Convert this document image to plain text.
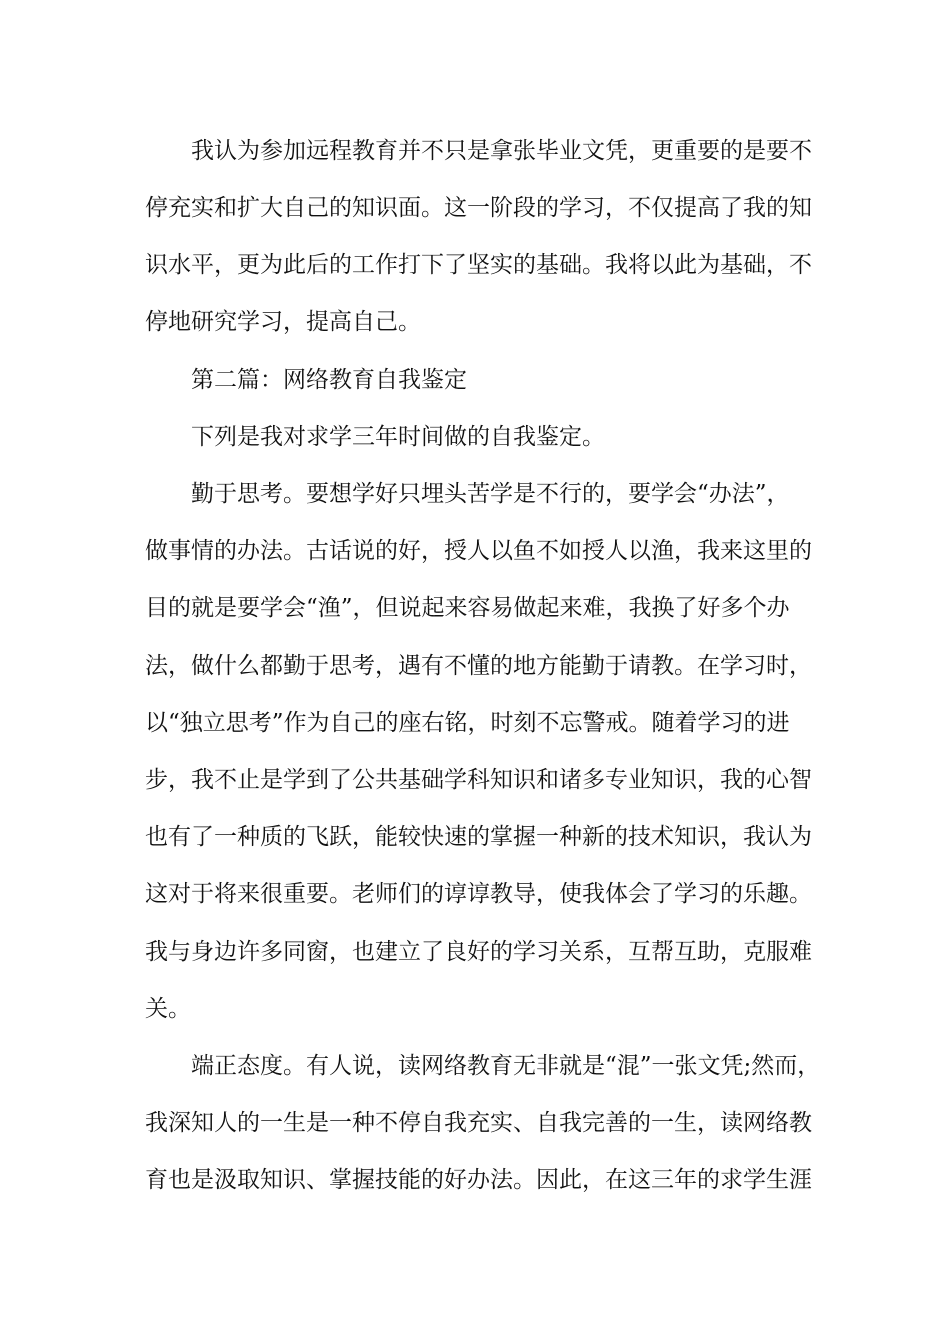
我认为参加远程教育并不只是拿张毕业文凭，更重要的是要不
停充实和扩大自己的知识面。这一阶段的学习，不仅提高了我的知
识水平，更为此后的工作打下了坚实的基础。我将以此为基础，不
停地研究学习，提高自己。
第二篇：网络教育自我鉴定
下列是我对求学三年时间做的自我鉴定。
勤于思考。要想学好只埋头苦学是不行的，要学会“办法”，
做事情的办法。古话说的好，授人以鱼不如授人以渔，我来这里的
目的就是要学会“渔”，但说起来容易做起来难，我换了好多个办
法，做什么都勤于思考，遇有不懂的地方能勤于请教。在学习时，
以“独立思考”作为自己的座右铭，时刻不忘警戒。随着学习的进
步，我不止是学到了公共基础学科知识和诸多专业知识，我的心智
也有了一种质的飞跃，能较快速的掌握一种新的技术知识，我认为
这对于将来很重要。老师们的谆谆教导，使我体会了学习的乐趣。
我与身边许多同窗，也建立了良好的学习关系，互帮互助，克服难
关。
端正态度。有人说，读网络教育无非就是“混”一张文凭;然而，
我深知人的一生是一种不停自我充实、自我完善的一生，读网络教
育也是汲取知识、掌握技能的好办法。因此，在这三年的求学生涯
